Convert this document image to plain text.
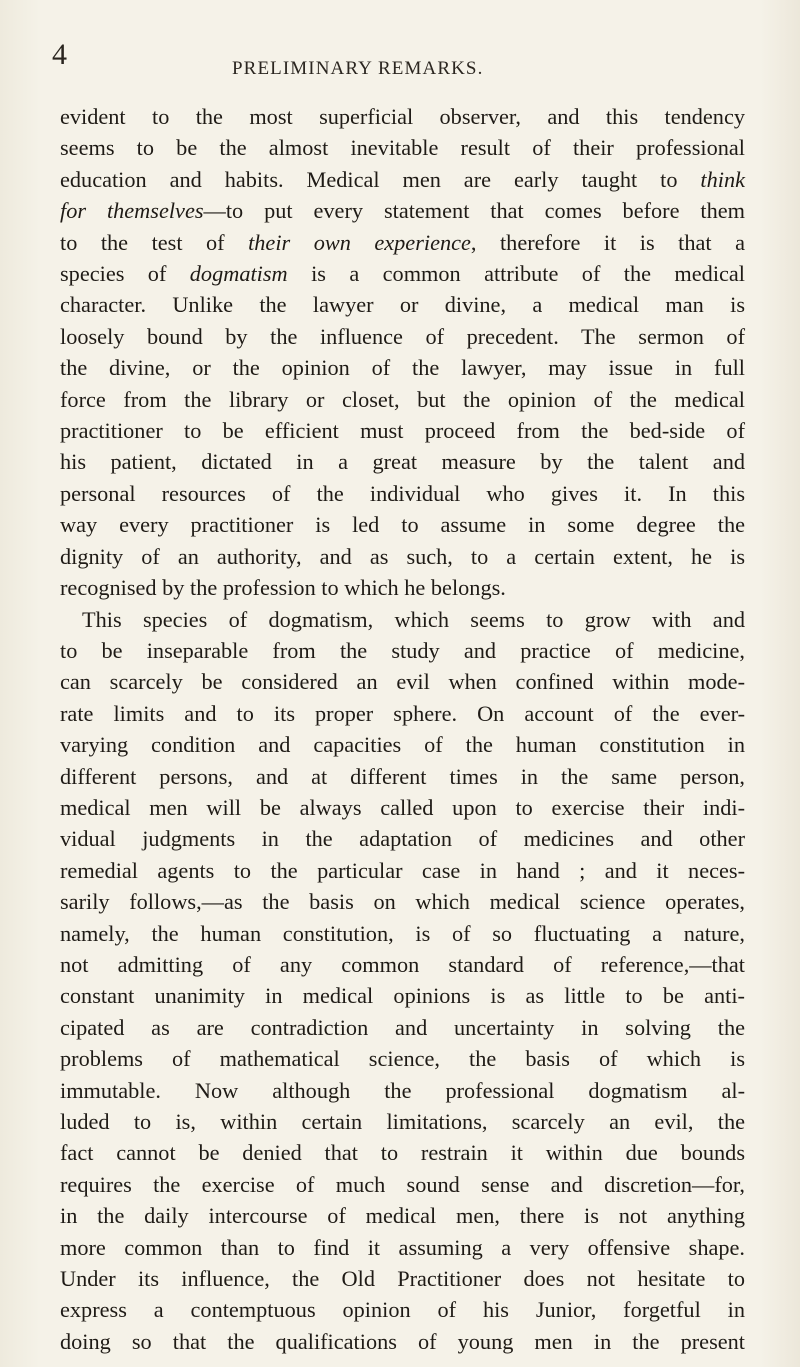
4	PRELIMINARY REMARKS.
evident to the most superficial observer, and this tendency
seems to be the almost inevitable result of their professional
education and habits. Medical men are early taught to think
for themselves—to put every statement that comes before them
to the test of their own experience, therefore it is that a
species of dogmatism is a common attribute of the medical
character. Unlike the lawyer or divine, a medical man is
loosely bound by the influence of precedent. The sermon of
the divine, or the opinion of the lawyer, may issue in full
force from the library or closet, but the opinion of the medical
practitioner to be efficient must proceed from the bed-side of
his patient, dictated in a great measure by the talent and
personal resources of the individual who gives it. In this
way every practitioner is led to assume in some degree the
dignity of an authority, and as such, to a certain extent, he is
recognised by the profession to which he belongs.
This species of dogmatism, which seems to grow with and
to be inseparable from the study and practice of medicine,
can scarcely be considered an evil when confined within mode-
rate limits and to its proper sphere. On account of the ever-
varying condition and capacities of the human constitution in
different persons, and at different times in the same person,
medical men will be always called upon to exercise their indi-
vidual judgments in the adaptation of medicines and other
remedial agents to the particular case in hand ; and it neces-
sarily follows,—as the basis on which medical science operates,
namely, the human constitution, is of so fluctuating a nature,
not admitting of any common standard of reference,—that
constant unanimity in medical opinions is as little to be anti-
cipated as are contradiction and uncertainty in solving the
problems of mathematical science, the basis of which is
immutable. Now although the professional dogmatism al-
luded to is, within certain limitations, scarcely an evil, the
fact cannot be denied that to restrain it within due bounds
requires the exercise of much sound sense and discretion—for,
in the daily intercourse of medical men, there is not anything
more common than to find it assuming a very offensive shape.
Under its influence, the Old Practitioner does not hesitate to
express a contemptuous opinion of his Junior, forgetful in
doing so that the qualifications of young men in the present
